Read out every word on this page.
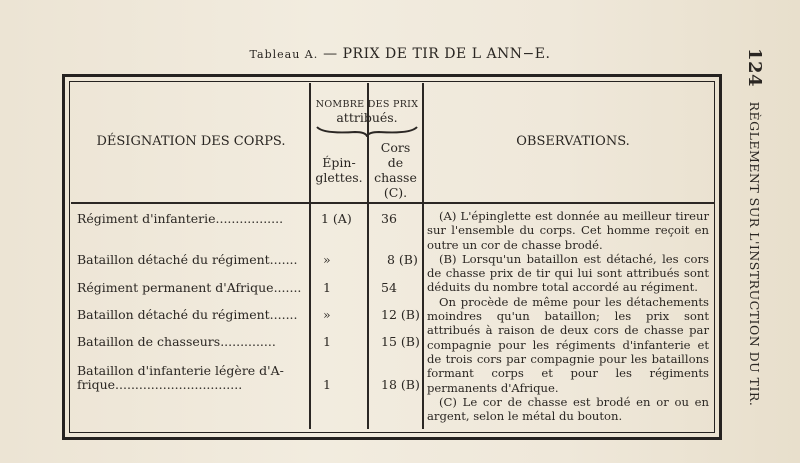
Tableau A. — PRIX DE TIR DE L ANN−E.	124 RÈGLEMENT SUR L'INSTRUCTION DU TIR.
DÉSIGNATION DES CORPS.
NOMBRE DES PRIX
attribués.
Épin-
glettes.
Cors
de
chasse
(C).
OBSERVATIONS.
Régiment d'infanterie.................	1 (A) 36
Bataillon détaché du régiment.......	»	8 (B)
Régiment permanent d'Afrique.......	1	54
Bataillon détaché du régiment.......	»	12 (B)
Bataillon de chasseurs..............	1	15 (B)
Bataillon d'infanterie légère d'A-
frique................................	1	18 (B)

(A) L'épinglette est donnée au meilleur tireur sur l'ensemble du corps. Cet homme reçoit en outre un cor de chasse brodé.

(B) Lorsqu'un bataillon est détaché, les cors de chasse prix de tir qui lui sont attribués sont déduits du nombre total accordé au régiment.

On procède de même pour les détachements moindres qu'un bataillon; les prix sont attribués à raison de deux cors de chasse par compagnie pour les régiments d'infanterie et de trois cors par compagnie pour les bataillons formant corps et pour les régiments permanents d'Afrique.

(C) Le cor de chasse est brodé en or ou en argent, selon le métal du bouton.
